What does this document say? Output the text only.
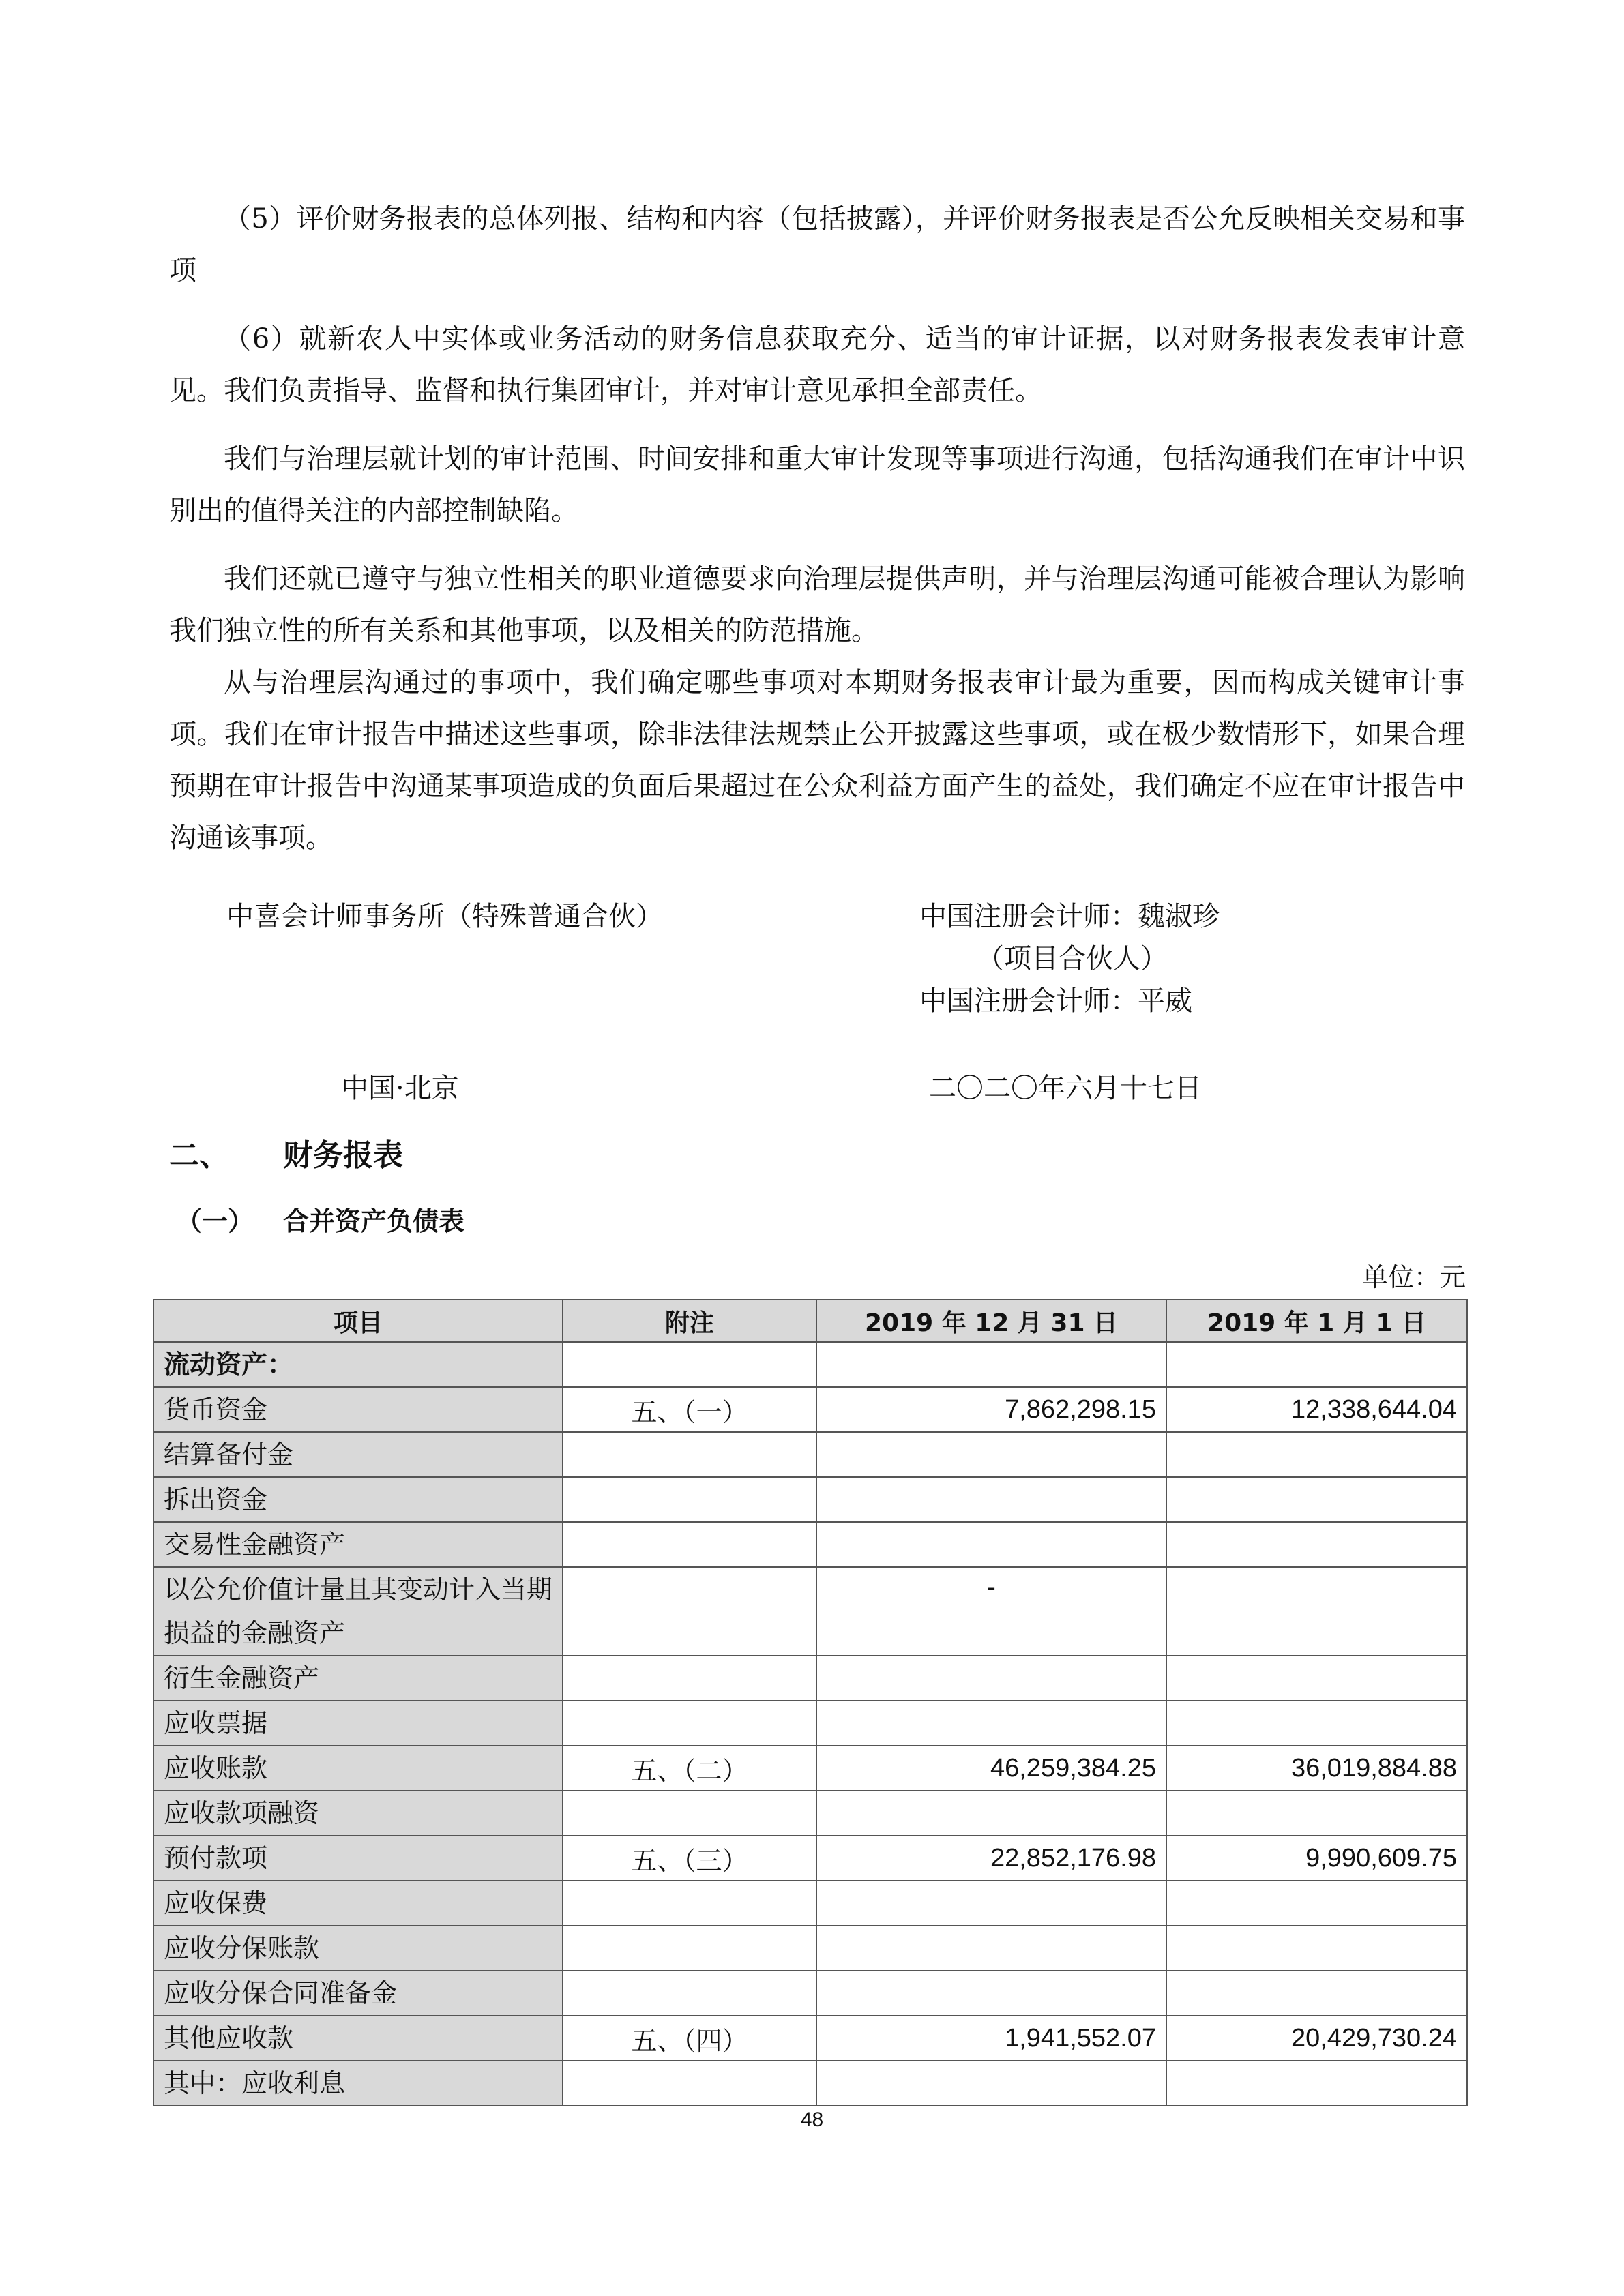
（5）评价财务报表的总体列报、结构和内容（包括披露），并评价财务报表是否公允反映相关交易和事项

（6）就新农人中实体或业务活动的财务信息获取充分、适当的审计证据，以对财务报表发表审计意见。我们负责指导、监督和执行集团审计，并对审计意见承担全部责任。

我们与治理层就计划的审计范围、时间安排和重大审计发现等事项进行沟通，包括沟通我们在审计中识别出的值得关注的内部控制缺陷。

我们还就已遵守与独立性相关的职业道德要求向治理层提供声明，并与治理层沟通可能被合理认为影响我们独立性的所有关系和其他事项，以及相关的防范措施。

从与治理层沟通过的事项中，我们确定哪些事项对本期财务报表审计最为重要，因而构成关键审计事项。我们在审计报告中描述这些事项，除非法律法规禁止公开披露这些事项，或在极少数情形下，如果合理预期在审计报告中沟通某事项造成的负面后果超过在公众利益方面产生的益处，我们确定不应在审计报告中沟通该事项。

中喜会计师事务所（特殊普通合伙）	中国注册会计师：魏淑珍
（项目合伙人）
中国注册会计师：平威
中国·北京	二〇二〇年六月十七日
二、 财务报表
（一） 合并资产负债表
单位：元
项目	附注	2019 年 12 月 31 日	2019 年 1 月 1 日
流动资产：			
货币资金	五、（一）	7,862,298.15	12,338,644.04
结算备付金			
拆出资金			
交易性金融资产			
以公允价值计量且其变动计入当期损益的金融资产		-	
衍生金融资产			
应收票据			
应收账款	五、（二）	46,259,384.25	36,019,884.88
应收款项融资			
预付款项	五、（三）	22,852,176.98	9,990,609.75
应收保费			
应收分保账款			
应收分保合同准备金			
其他应收款	五、（四）	1,941,552.07	20,429,730.24
其中：应收利息			
48
